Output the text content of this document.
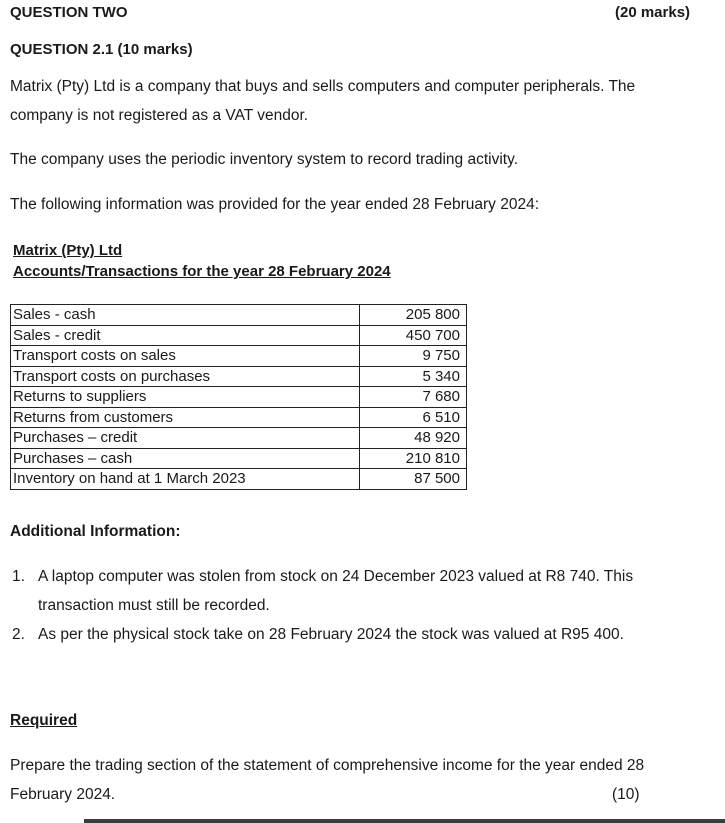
QUESTION TWO	(20 marks)
QUESTION 2.1 (10 marks)
Matrix (Pty) Ltd is a company that buys and sells computers and computer peripherals. The
company is not registered as a VAT vendor.
The company uses the periodic inventory system to record trading activity.
The following information was provided for the year ended 28 February 2024:
Matrix (Pty) Ltd
Accounts/Transactions for the year 28 February 2024
Sales - cash	205 800
Sales - credit	450 700
Transport costs on sales	9 750
Transport costs on purchases	5 340
Returns to suppliers	7 680
Returns from customers	6 510
Purchases – credit	48 920
Purchases – cash	210 810
Inventory on hand at 1 March 2023	87 500
Additional Information:
1. A laptop computer was stolen from stock on 24 December 2023 valued at R8 740. This
transaction must still be recorded.
2. As per the physical stock take on 28 February 2024 the stock was valued at R95 400.
Required
Prepare the trading section of the statement of comprehensive income for the year ended 28
February 2024.	(10)
